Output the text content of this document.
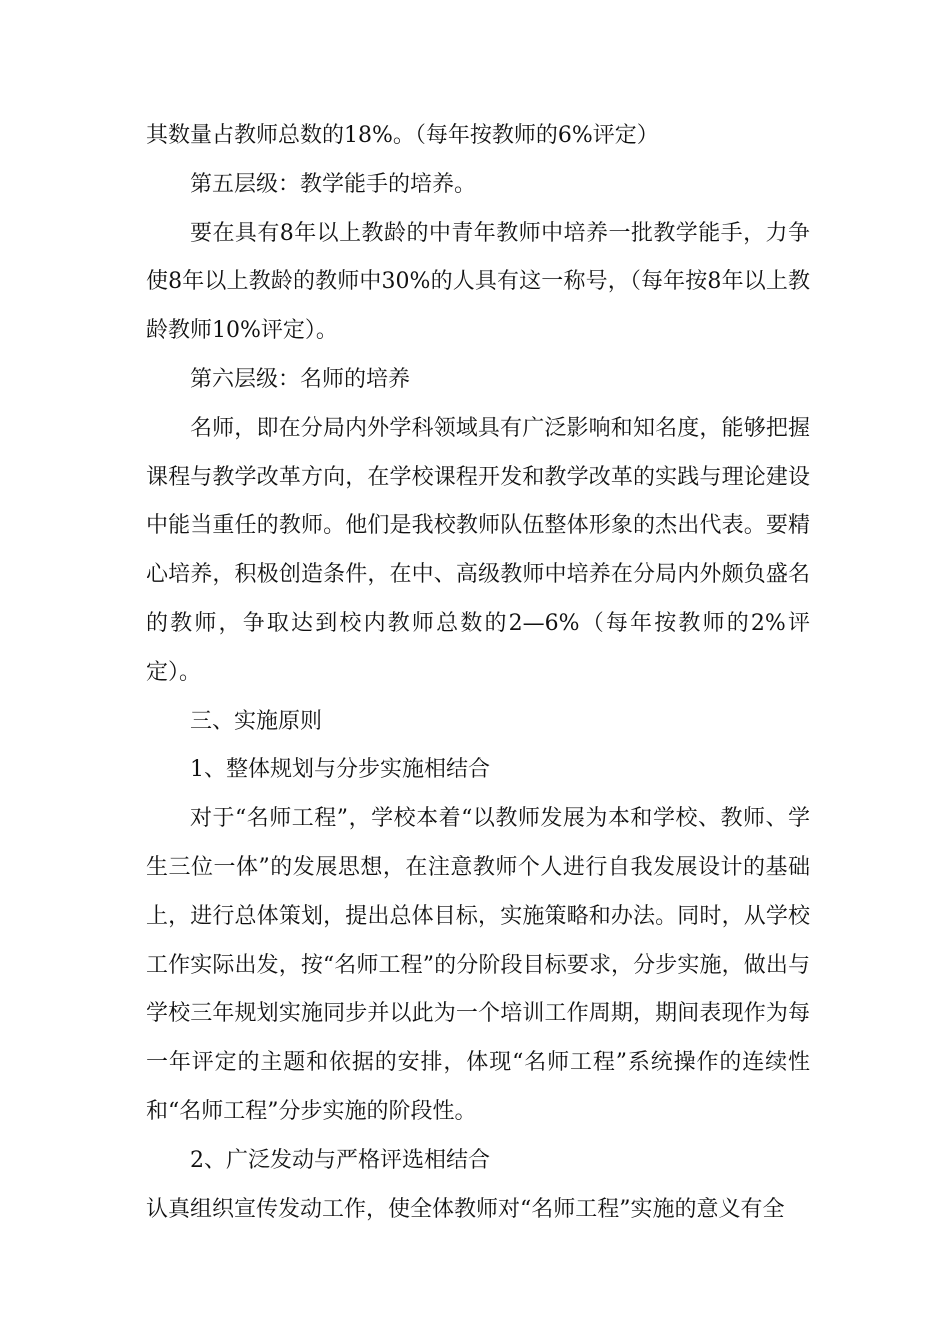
其数量占教师总数的18%。（每年按教师的6%评定）

第五层级：教学能手的培养。

要在具有8年以上教龄的中青年教师中培养一批教学能手，力争使8年以上教龄的教师中30%的人具有这一称号，（每年按8年以上教龄教师10%评定）。

第六层级：名师的培养

名师，即在分局内外学科领域具有广泛影响和知名度，能够把握课程与教学改革方向，在学校课程开发和教学改革的实践与理论建设中能当重任的教师。他们是我校教师队伍整体形象的杰出代表。要精心培养，积极创造条件，在中、高级教师中培养在分局内外颇负盛名的教师，争取达到校内教师总数的2—6%（每年按教师的2%评定）。

三、实施原则

1、整体规划与分步实施相结合

对于“名师工程”，学校本着“以教师发展为本和学校、教师、学生三位一体”的发展思想，在注意教师个人进行自我发展设计的基础上，进行总体策划，提出总体目标，实施策略和办法。同时，从学校工作实际出发，按“名师工程”的分阶段目标要求，分步实施，做出与学校三年规划实施同步并以此为一个培训工作周期，期间表现作为每一年评定的主题和依据的安排，体现“名师工程”系统操作的连续性和“名师工程”分步实施的阶段性。

2、广泛发动与严格评选相结合

认真组织宣传发动工作，使全体教师对“名师工程”实施的意义有全
